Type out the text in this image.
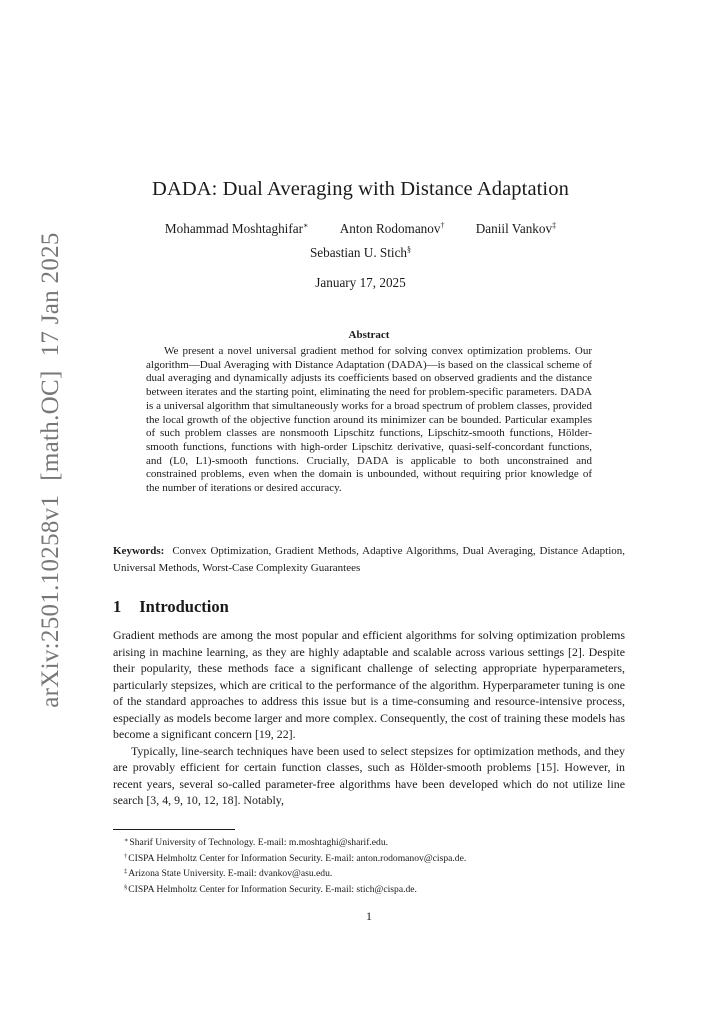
arXiv:2501.10258v1[math.OC]17 Jan 2025
DADA: Dual Averaging with Distance Adaptation
Mohammad Moshtaghifar∗ Anton Rodomanov† Daniil Vankov‡
Sebastian U. Stich§
January 17, 2025
Abstract
We present a novel universal gradient method for solving convex optimization problems. Our algorithm—Dual Averaging with Distance Adaptation (DADA)—is based on the classical scheme of dual averaging and dynamically adjusts its coefficients based on observed gradients and the distance between iterates and the starting point, eliminating the need for problem-specific parameters. DADA is a universal algorithm that simultaneously works for a broad spectrum of problem classes, provided the local growth of the objective function around its minimizer can be bounded. Particular examples of such problem classes are nonsmooth Lipschitz functions, Lipschitz-smooth functions, Hölder-smooth functions, functions with high-order Lipschitz derivative, quasi-self-concordant functions, and (L0, L1)-smooth functions. Crucially, DADA is applicable to both unconstrained and constrained problems, even when the domain is unbounded, without requiring prior knowledge of the number of iterations or desired accuracy.
Keywords: Convex Optimization, Gradient Methods, Adaptive Algorithms, Dual Averaging, Distance Adaption, Universal Methods, Worst-Case Complexity Guarantees
1 Introduction

Gradient methods are among the most popular and efficient algorithms for solving optimization problems arising in machine learning, as they are highly adaptable and scalable across various settings [2]. Despite their popularity, these methods face a significant challenge of selecting appropriate hyperparameters, particularly stepsizes, which are critical to the performance of the algorithm. Hyperparameter tuning is one of the standard approaches to address this issue but is a time-consuming and resource-intensive process, especially as models become larger and more complex. Consequently, the cost of training these models has become a significant concern [19, 22].

Typically, line-search techniques have been used to select stepsizes for optimization methods, and they are provably efficient for certain function classes, such as Hölder-smooth problems [15]. However, in recent years, several so-called parameter-free algorithms have been developed which do not utilize line search [3, 4, 9, 10, 12, 18]. Notably,

∗Sharif University of Technology. E-mail: m.moshtaghi@sharif.edu.
†CISPA Helmholtz Center for Information Security. E-mail: anton.rodomanov@cispa.de.
‡Arizona State University. E-mail: dvankov@asu.edu.
§CISPA Helmholtz Center for Information Security. E-mail: stich@cispa.de.
1
